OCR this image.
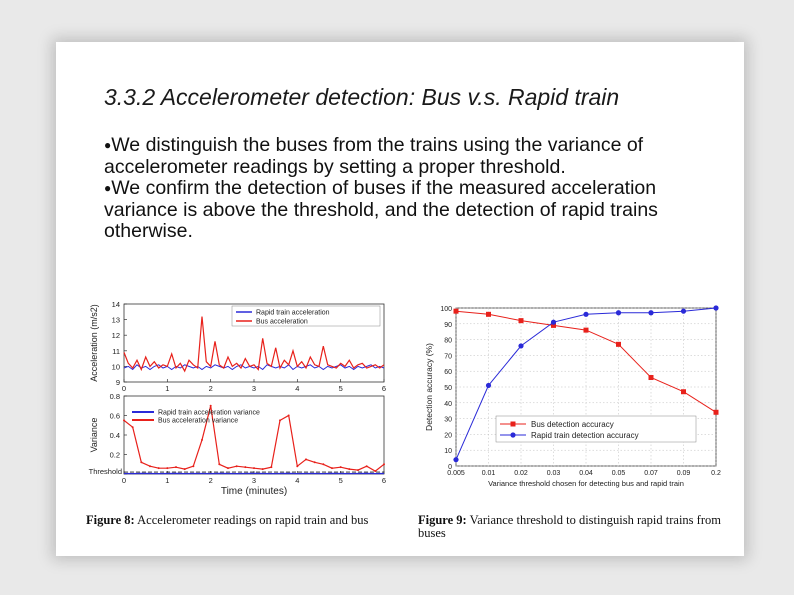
3.3.2 Accelerometer detection: Bus v.s. Rapid train

●We distinguish the buses from the trains using the variance of accelerometer readings by setting a proper threshold.

●We confirm the detection of buses if the measured acceleration variance is above the threshold, and the detection of rapid trains otherwise.

9
10
11
12
13
14
0	1	2	3	4	5	6
Acceleration (m/s2)	Rapid train acceleration
Bus acceleration
0.2
0.4
0.6
0.8
0	1	2	3	4	5	6
Threshold
Variance
Time (minutes)
Rapid train acceleration variance
Bus acceleration variance
Figure 8: Accelerometer readings on rapid train and bus
0
10
20
30
40
50
60
70
80
90
100
0.005 0.01	0.02	0.03	0.04	0.05	0.07	0.09	0.2
Detection accuracy (%)
Variance threshold chosen for detecting bus and rapid train
Bus detection accuracy
Rapid train detection accuracy
Figure 9: Variance threshold to distinguish rapid trains from buses
